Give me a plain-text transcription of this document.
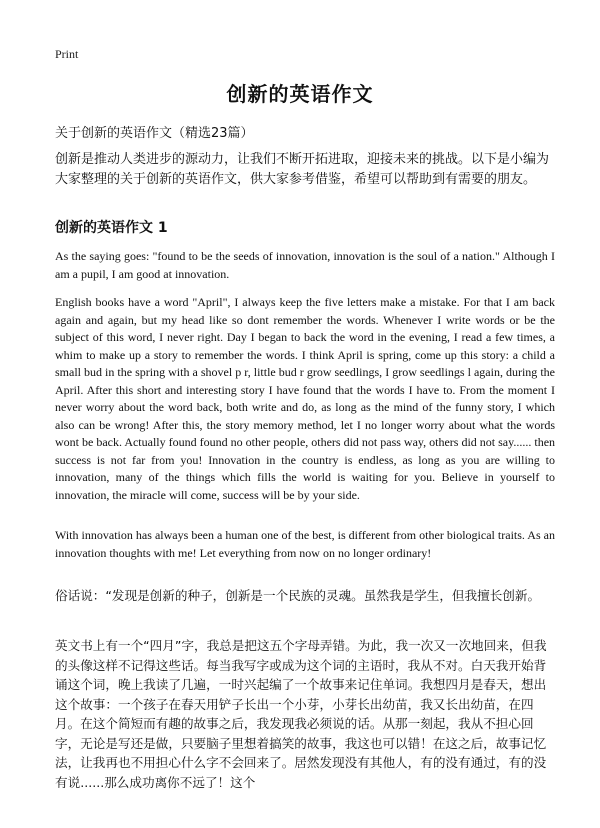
Print
创新的英语作文

关于创新的英语作文（精选23篇）

创新是推动人类进步的源动力，让我们不断开拓进取，迎接未来的挑战。以下是小编为大家整理的关于创新的英语作文，供大家参考借鉴，希望可以帮助到有需要的朋友。

创新的英语作文 1

As the saying goes: "found to be the seeds of innovation, innovation is the soul of a nation." Although I am a pupil, I am good at innovation.

English books have a word "April", I always keep the five letters make a mistake. For that I am back again and again, but my head like so dont remember the words. Whenever I write words or be the subject of this word, I never right. Day I began to back the word in the evening, I read a few times, a whim to make up a story to remember the words. I think April is spring, come up this story: a child a small bud in the spring with a shovel p r, little bud r grow seedlings, I grow seedlings l again, during the April. After this short and interesting story I have found that the words I have to. From the moment I never worry about the word back, both write and do, as long as the mind of the funny story, I which also can be wrong! After this, the story memory method, let I no longer worry about what the words wont be back. Actually found found no other people, others did not pass way, others did not say...... then success is not far from you! Innovation in the country is endless, as long as you are willing to innovation, many of the things which fills the world is waiting for you. Believe in yourself to innovation, the miracle will come, success will be by your side.

With innovation has always been a human one of the best, is different from other biological traits. As an innovation thoughts with me! Let everything from now on no longer ordinary!

俗话说：“发现是创新的种子，创新是一个民族的灵魂。虽然我是学生，但我擅长创新。

英文书上有一个“四月”字，我总是把这五个字母弄错。为此，我一次又一次地回来，但我的头像这样不记得这些话。每当我写字或成为这个词的主语时，我从不对。白天我开始背诵这个词，晚上我读了几遍，一时兴起编了一个故事来记住单词。我想四月是春天，想出这个故事：一个孩子在春天用铲子长出一个小芽，小芽长出幼苗，我又长出幼苗，在四月。在这个简短而有趣的故事之后，我发现我必须说的话。从那一刻起，我从不担心回字，无论是写还是做，只要脑子里想着搞笑的故事，我这也可以错！在这之后，故事记忆法，让我再也不用担心什么字不会回来了。居然发现没有其他人，有的没有通过，有的没有说......那么成功离你不远了！这个
